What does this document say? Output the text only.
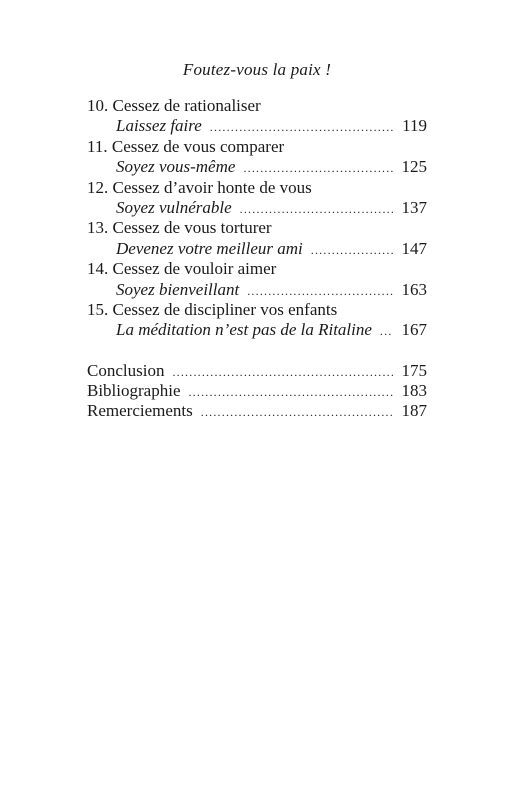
Foutez-vous la paix !
10. Cessez de rationaliser
Laissez faire .....	119
11. Cessez de vous comparer
Soyez vous-même .....	125
12. Cessez d’avoir honte de vous
Soyez vulnérable .....	137
13. Cessez de vous torturer
Devenez votre meilleur ami .....	147
14. Cessez de vouloir aimer
Soyez bienveillant .....	163
15. Cessez de discipliner vos enfants
La méditation n’est pas de la Ritaline ..... 167
Conclusion .....	175
Bibliographie .....	183
Remerciements .....	187
